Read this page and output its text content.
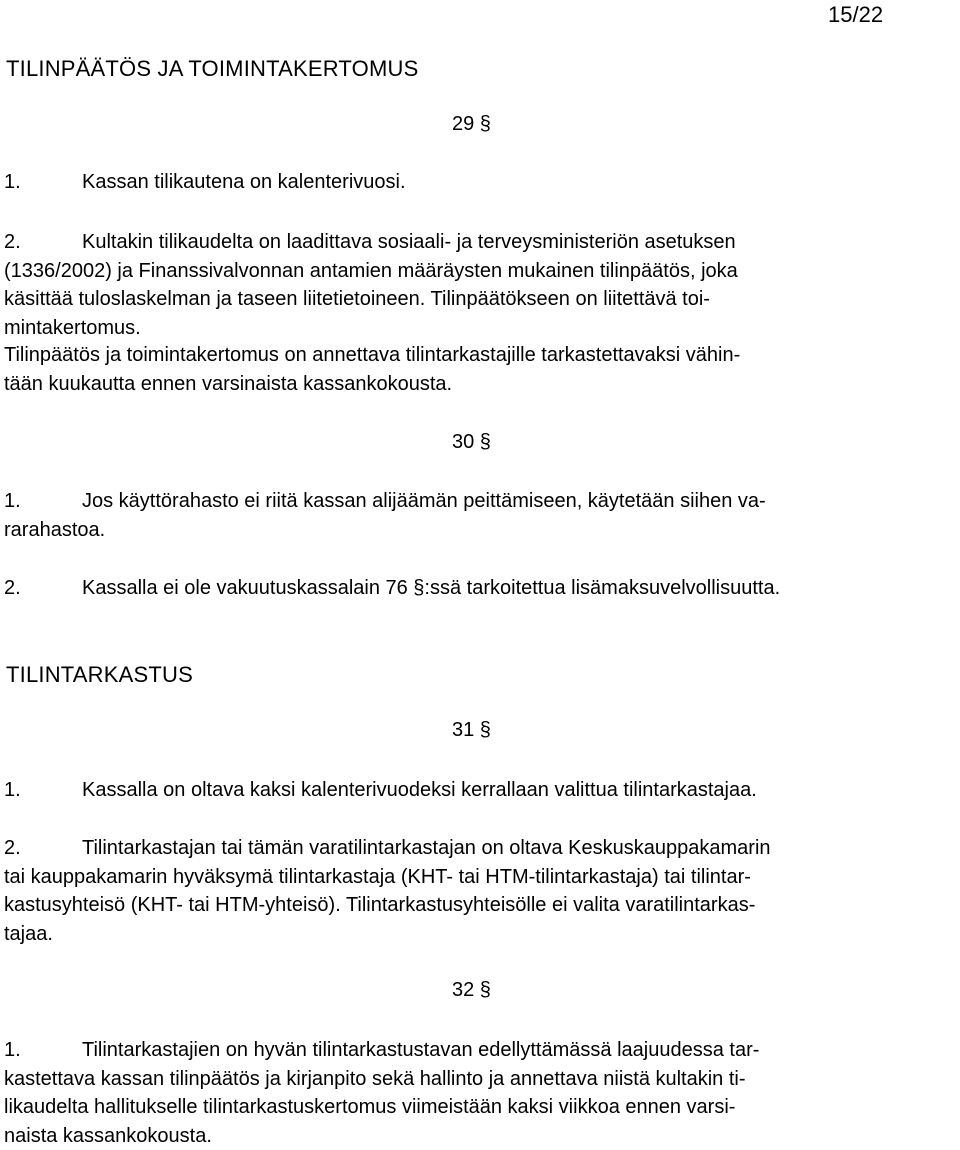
15/22
TILINPÄÄTÖS JA TOIMINTAKERTOMUS
29 §
1.	Kassan tilikautena on kalenterivuosi.
2.	Kultakin tilikaudelta on laadittava sosiaali- ja terveysministeriön asetuksen
(1336/2002) ja Finanssivalvonnan antamien määräysten mukainen tilinpäätös, joka
käsittää tuloslaskelman ja taseen liitetietoineen. Tilinpäätökseen on liitettävä toi-
mintakertomus.
Tilinpäätös ja toimintakertomus on annettava tilintarkastajille tarkastettavaksi vähin-
tään kuukautta ennen varsinaista kassankokousta.
30 §
1.	Jos käyttörahasto ei riitä kassan alijäämän peittämiseen, käytetään siihen va-
rarahastoa.
2.	Kassalla ei ole vakuutuskassalain 76 §:ssä tarkoitettua lisämaksuvelvollisuutta.
TILINTARKASTUS
31 §
1.	Kassalla on oltava kaksi kalenterivuodeksi kerrallaan valittua tilintarkastajaa.
2.	Tilintarkastajan tai tämän varatilintarkastajan on oltava Keskuskauppakamarin
tai kauppakamarin hyväksymä tilintarkastaja (KHT- tai HTM-tilintarkastaja) tai tilintar-
kastusyhteisö (KHT- tai HTM-yhteisö). Tilintarkastusyhteisölle ei valita varatilintarkas-
tajaa.
32 §
1.	Tilintarkastajien on hyvän tilintarkastustavan edellyttämässä laajuudessa tar-
kastettava kassan tilinpäätös ja kirjanpito sekä hallinto ja annettava niistä kultakin ti-
likaudelta hallitukselle tilintarkastuskertomus viimeistään kaksi viikkoa ennen varsi-
naista kassankokousta.
